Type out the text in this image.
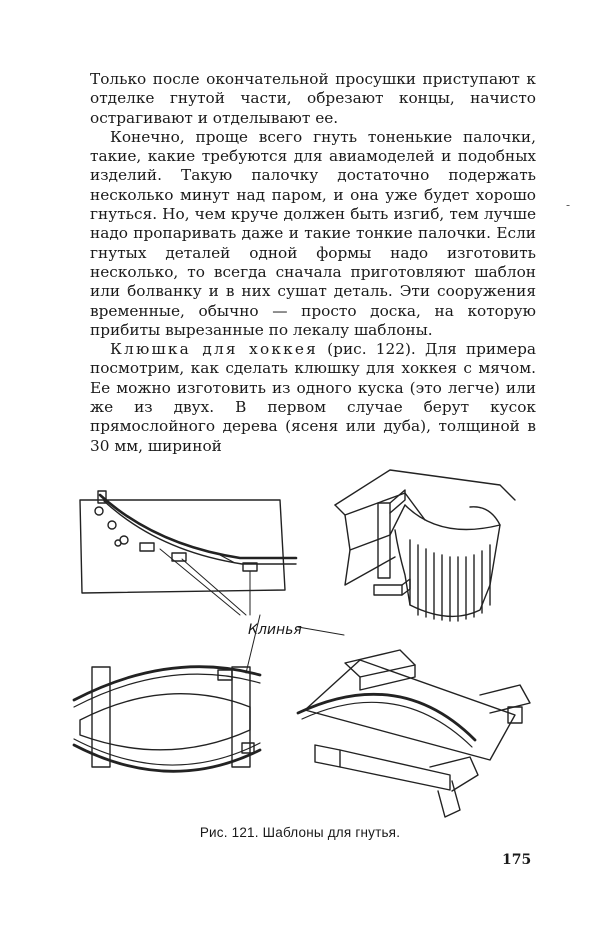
Только после окончательной просушки приступают к отделке гнутой части, обрезают концы, начисто острагивают и отделывают ее.

Конечно, проще всего гнуть тоненькие палочки, такие, какие требуются для авиамоделей и подобных изделий. Такую палочку достаточно подержать несколько минут над паром, и она уже будет хорошо гнуться. Но, чем круче должен быть изгиб, тем лучше надо пропаривать даже и такие тонкие палочки. Если гнутых деталей одной формы надо изготовить несколько, то всегда сначала приготовляют шаблон или болванку и в них сушат деталь. Эти сооружения временные, обычно — просто доска, на которую прибиты вырезанные по лекалу шаблоны.

Клюшка для хоккея (рис. 122). Для примера посмотрим, как сделать клюшку для хоккея с мячом. Ее можно изготовить из одного куска (это легче) или же из двух. В первом случае берут кусок прямослойного дерева (ясеня или дуба), толщиной в 30 мм, шириной

-
Клинья
Рис. 121. Шаблоны для гнутья.
175
